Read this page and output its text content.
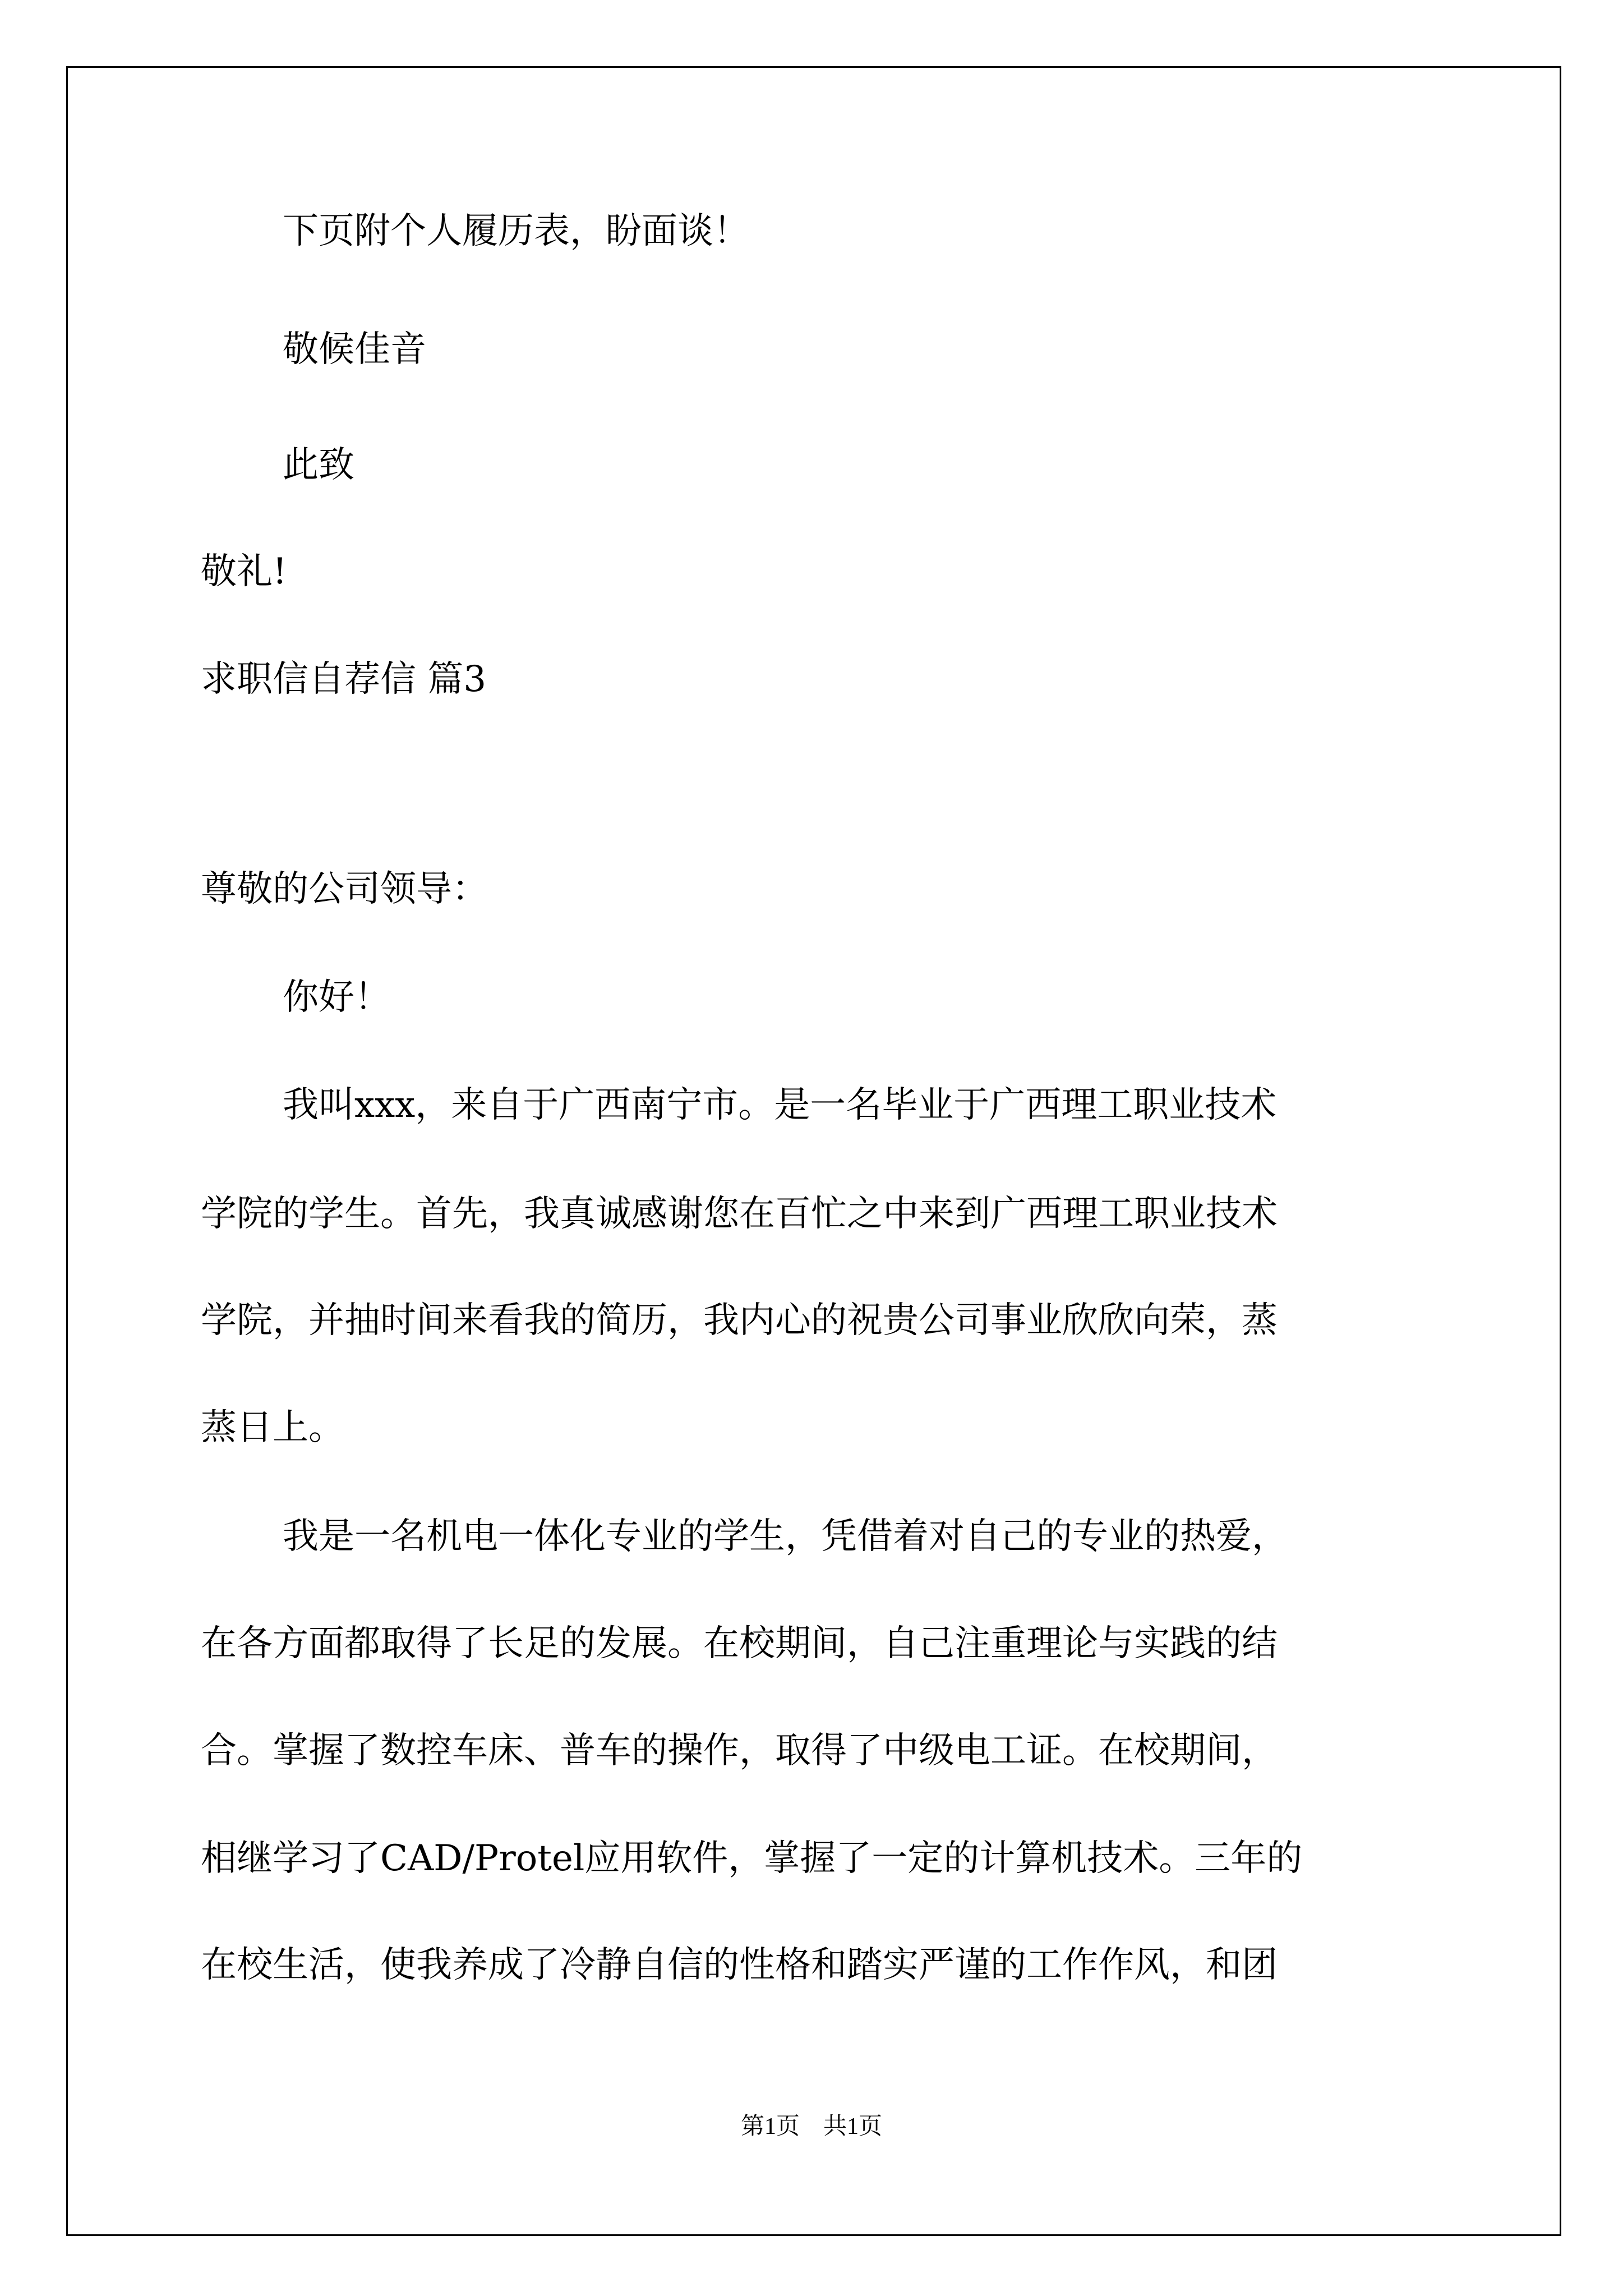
下页附个人履历表，盼面谈！
敬候佳音
此致
敬礼!
求职信自荐信 篇3
尊敬的公司领导：
你好！
我叫xxx，来自于广西南宁市。是一名毕业于广西理工职业技术
学院的学生。首先，我真诚感谢您在百忙之中来到广西理工职业技术
学院，并抽时间来看我的简历，我内心的祝贵公司事业欣欣向荣，蒸
蒸日上。
我是一名机电一体化专业的学生，凭借着对自己的专业的热爱，
在各方面都取得了长足的发展。在校期间，自己注重理论与实践的结
合。掌握了数控车床、普车的操作，取得了中级电工证。在校期间，
相继学习了CAD/Protel应用软件，掌握了一定的计算机技术。三年的
在校生活，使我养成了冷静自信的性格和踏实严谨的工作作风，和团
第1页　共1页
